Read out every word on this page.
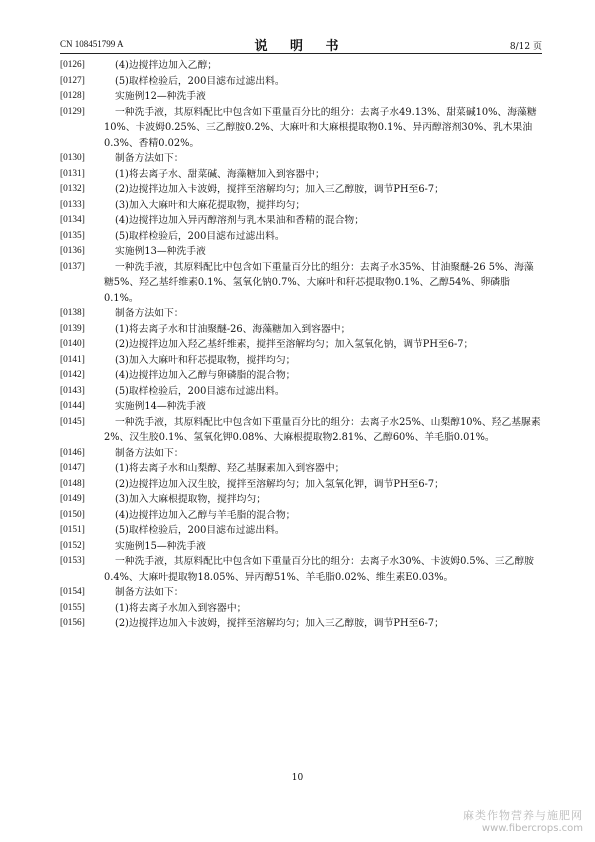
CN 108451799 A	说 明 书	8/12 页
[0126]	(4)边搅拌边加入乙醇；
[0127]	(5)取样检验后，200目滤布过滤出料。
[0128]	实施例12—种洗手液
[0129]	一种洗手液，其原料配比中包含如下重量百分比的组分：去离子水49.13%、甜菜碱10%、海藻糖10%、卡波姆0.25%、三乙醇胺0.2%、大麻叶和大麻根提取物0.1%、异丙醇溶剂30%、乳木果油0.3%、香精0.02%。
[0130]	制备方法如下：
[0131]	(1)将去离子水、甜菜碱、海藻糖加入到容器中；
[0132]	(2)边搅拌边加入卡波姆，搅拌至溶解均匀；加入三乙醇胺，调节PH至6-7；
[0133]	(3)加入大麻叶和大麻花提取物，搅拌均匀；
[0134]	(4)边搅拌边加入异丙醇溶剂与乳木果油和香精的混合物；
[0135]	(5)取样检验后，200目滤布过滤出料。
[0136]	实施例13—种洗手液
[0137]	一种洗手液，其原料配比中包含如下重量百分比的组分：去离子水35%、甘油聚醚-26 5%、海藻糖5%、羟乙基纤维素0.1%、氢氧化钠0.7%、大麻叶和秆芯提取物0.1%、乙醇54%、卵磷脂0.1%。
[0138]	制备方法如下：
[0139]	(1)将去离子水和甘油聚醚-26、海藻糖加入到容器中；
[0140]	(2)边搅拌边加入羟乙基纤维素，搅拌至溶解均匀；加入氢氧化钠，调节PH至6-7；
[0141]	(3)加入大麻叶和秆芯提取物，搅拌均匀；
[0142]	(4)边搅拌边加入乙醇与卵磷脂的混合物；
[0143]	(5)取样检验后，200目滤布过滤出料。
[0144]	实施例14—种洗手液
[0145]	一种洗手液，其原料配比中包含如下重量百分比的组分：去离子水25%、山梨醇10%、羟乙基脲素2%、汉生胶0.1%、氢氧化钾0.08%、大麻根提取物2.81%、乙醇60%、羊毛脂0.01%。
[0146]	制备方法如下：
[0147]	(1)将去离子水和山梨醇、羟乙基脲素加入到容器中；
[0148]	(2)边搅拌边加入汉生胶，搅拌至溶解均匀；加入氢氧化钾，调节PH至6-7；
[0149]	(3)加入大麻根提取物，搅拌均匀；
[0150]	(4)边搅拌边加入乙醇与羊毛脂的混合物；
[0151]	(5)取样检验后，200目滤布过滤出料。
[0152]	实施例15—种洗手液
[0153]	一种洗手液，其原料配比中包含如下重量百分比的组分：去离子水30%、卡波姆0.5%、三乙醇胺0.4%、大麻叶提取物18.05%、异丙醇51%、羊毛脂0.02%、维生素E0.03%。
[0154]	制备方法如下：
[0155]	(1)将去离子水加入到容器中；
[0156]	(2)边搅拌边加入卡波姆，搅拌至溶解均匀；加入三乙醇胺，调节PH至6-7；
10
麻类作物营养与施肥网
www.fibercrops.com
